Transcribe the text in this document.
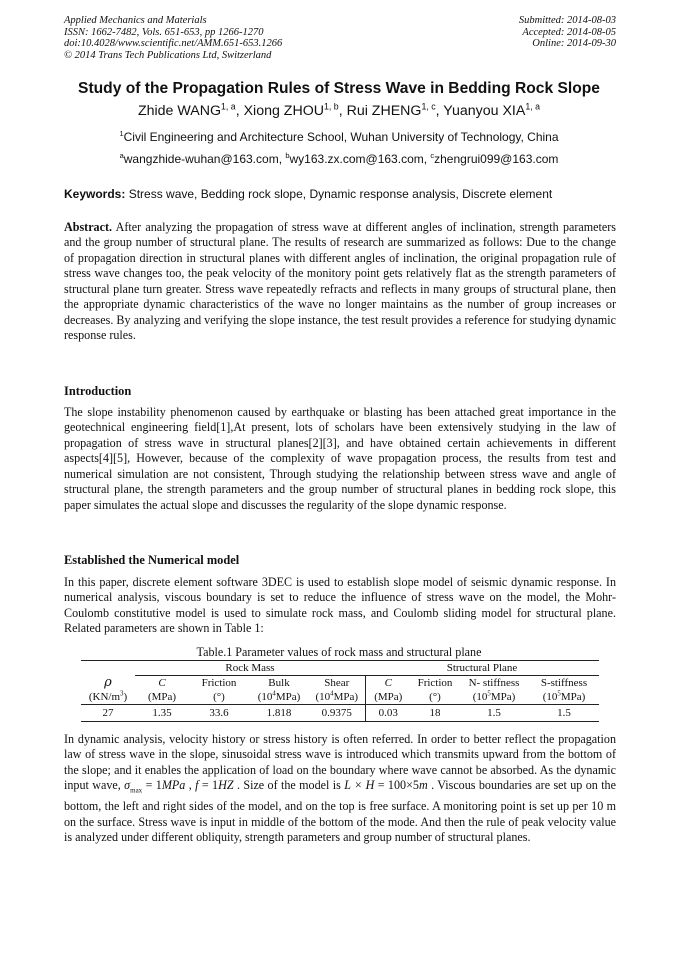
Applied Mechanics and Materials
ISSN: 1662-7482, Vols. 651-653, pp 1266-1270
doi:10.4028/www.scientific.net/AMM.651-653.1266
© 2014 Trans Tech Publications Ltd, Switzerland
Submitted: 2014-08-03
Accepted: 2014-08-05
Online: 2014-09-30
Study of the Propagation Rules of Stress Wave in Bedding Rock Slope
Zhide WANG$^{1, a}$, Xiong ZHOU$^{1, b}$, Rui ZHENG$^{1, c}$, Yuanyou XIA$^{1, a}$
$^1$Civil Engineering and Architecture School, Wuhan University of Technology, China
$^a$wangzhide-wuhan@163.com, $^b$wy163.zx.com@163.com, $^c$zhengrui099@163.com
Keywords: Stress wave, Bedding rock slope, Dynamic response analysis, Discrete element
Abstract. After analyzing the propagation of stress wave at different angles of inclination, strength parameters and the group number of structural plane. The results of research are summarized as follows: Due to the change of propagation direction in structural planes with different angles of inclination, the original propagation rule of stress wave changes too, the peak velocity of the monitory point gets relatively flat as the strength parameters of structural plane turn greater. Stress wave repeatedly refracts and reflects in many groups of structural plane, then the appropriate dynamic characteristics of the wave no longer maintains as the number of group increases or decreases. By analyzing and verifying the slope instance, the test result provides a reference for studying dynamic response rules.
Introduction
The slope instability phenomenon caused by earthquake or blasting has been attached great importance in the geotechnical engineering field[1],At present, lots of scholars have been extensively studying in the law of propagation of stress wave in structural planes[2][3], and have obtained certain achievements in different aspects[4][5], However, because of the complexity of wave propagation process, the results from test and numerical simulation are not consistent, Through studying the relationship between stress wave and angle of structural plane, the strength parameters and the group number of structural planes in bedding rock slope, this paper simulates the actual slope and discusses the regularity of the slope dynamic response.
Established the Numerical model
In this paper, discrete element software 3DEC is used to establish slope model of seismic dynamic response. In numerical analysis, viscous boundary is set to reduce the influence of stress wave on the model, the Mohr-Coulomb constitutive model is used to simulate rock mass, and Coulomb sliding model for structural plane. Related parameters are shown in Table 1:
Table.1 Parameter values of rock mass and structural plane
	Rock Mass				Structural Plane			
ρ	C	Friction	Bulk	Shear	C	Friction	N- stiffness	S-stiffness
$(KN/m^3)$	(MPa)	(°)	$(10^4MPa)$	$(10^4MPa)$	(MPa)	(°)	$(10^5MPa)$	$(10^5MPa)$
27	1.35	33.6	1.818	0.9375	0.03	18	1.5	1.5
In dynamic analysis, velocity history or stress history is often referred. In order to better reflect the propagation law of stress wave in the slope, sinusoidal stress wave is introduced which transmits upward from the bottom of the slope; and it enables the application of load on the boundary where wave cannot be absorbed. As the dynamic input wave, $\sigma_{max} = 1MPa$ , f = 1HZ . Size of the model is L × H = 100×5m . Viscous boundaries are set up on the bottom, the left and right sides of the model, and on the top is free surface. A monitoring point is set up per 10 m on the surface. Stress wave is input in middle of the bottom of the mode. And then the rule of peak velocity value is analyzed under different obliquity, strength parameters and group number of structural planes.
